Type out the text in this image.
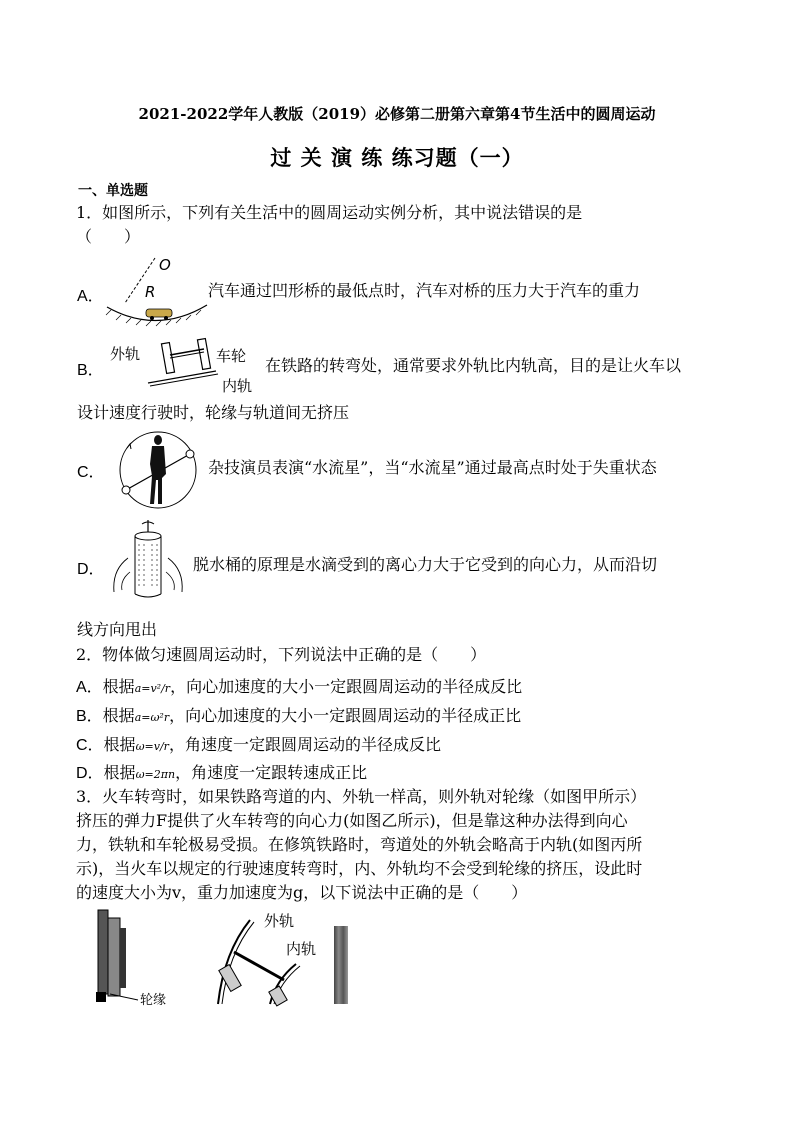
2021-2022学年人教版（2019）必修第二册第六章第4节生活中的圆周运动
过 关 演 练 练习题（一）
一、单选题
1．如图所示，下列有关生活中的圆周运动实例分析，其中说法错误的是
（　　）
A．
O
R	汽车通过凹形桥的最低点时，汽车对桥的压力大于汽车的重力
B．
外轨	车轮
内轨
在铁路的转弯处，通常要求外轨比内轨高，目的是让火车以
设计速度行驶时，轮缘与轨道间无挤压
C．	杂技演员表演“水流星”，当“水流星”通过最高点时处于失重状态
D．	脱水桶的原理是水滴受到的离心力大于它受到的向心力，从而沿切
线方向甩出
2．物体做匀速圆周运动时，下列说法中正确的是（　　）
A．根据a=v²/r，向心加速度的大小一定跟圆周运动的半径成反比
B．根据a=ω²r，向心加速度的大小一定跟圆周运动的半径成正比
C．根据ω=v/r，角速度一定跟圆周运动的半径成反比
D．根据ω=2πn，角速度一定跟转速成正比
3．火车转弯时，如果铁路弯道的内、外轨一样高，则外轨对轮缘（如图甲所示）
挤压的弹力F提供了火车转弯的向心力(如图乙所示)，但是靠这种办法得到向心
力，铁轨和车轮极易受损。在修筑铁路时，弯道处的外轨会略高于内轨(如图丙所
示)，当火车以规定的行驶速度转弯时，内、外轨均不会受到轮缘的挤压，设此时
的速度大小为v，重力加速度为g，以下说法中正确的是（　　）
轮缘
外轨
内轨
